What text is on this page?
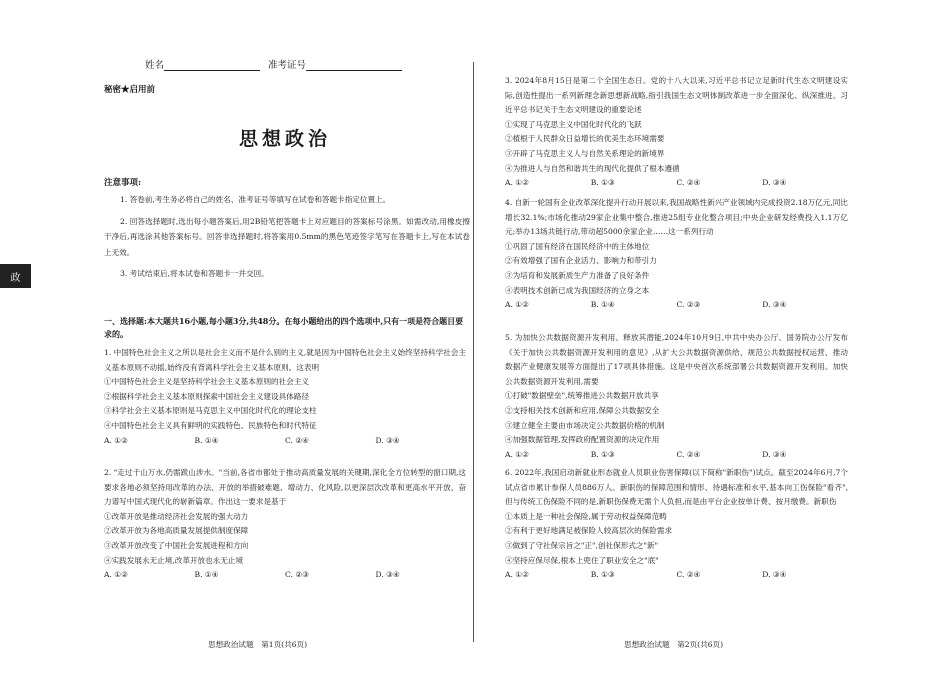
政
姓名	准考证号
秘密★启用前
思想政治
注意事项:

1. 答卷前,考生务必将自己的姓名、准考证号等填写在试卷和答题卡指定位置上。

2. 回答选择题时,选出每小题答案后,用2B铅笔把答题卡上对应题目的答案标号涂黑。如需改动,用橡皮擦干净后,再选涂其他答案标号。回答非选择题时,将答案用0.5mm的黑色笔迹签字笔写在答题卡上,写在本试卷上无效。

3. 考试结束后,将本试卷和答题卡一并交回。

一、选择题:本大题共16小题,每小题3分,共48分。在每小题给出的四个选项中,只有一项是符合题目要求的。

1. 中国特色社会主义之所以是社会主义而不是什么别的主义,就是因为中国特色社会主义始终坚持科学社会主义基本原则不动摇,始终没有背离科学社会主义基本原则。这表明

①中国特色社会主义是坚持科学社会主义基本原则的社会主义

②根据科学社会主义基本原则探索中国社会主义建设具体路径

③科学社会主义基本原则是马克思主义中国化时代化的理论支柱

④中国特色社会主义具有鲜明的实践特色、民族特色和时代特征

A. ①②	B. ①④	C. ②④	D. ③④

2. "走过千山万水,仍需跋山涉水。"当前,各省市都处于推动高质量发展的关键期,深化全方位转型的窗口期,这要求各地必须坚持用改革的办法、开放的举措破难题、增动力、化风险,以更深层次改革和更高水平开放、奋力谱写中国式现代化的崭新篇章。作出这一要求是基于

①改革开放是推动经济社会发展的强大动力

②改革开放为各地高质量发展提供制度保障

③改革开放改变了中国社会发展进程和方向

④实践发展永无止境,改革开放也永无止境

A. ①②	B. ①④	C. ②③	D. ③④

3. 2024年8月15日是第二个全国生态日。党的十八大以来,习近平总书记立足新时代生态文明建设实际,创造性提出一系列新理念新思想新战略,指引我国生态文明体制改革进一步全面深化、纵深推进。习近平总书记关于生态文明建设的重要论述

①实现了马克思主义中国化时代化的飞跃

②植根于人民群众日益增长的优美生态环境需要

③开辟了马克思主义人与自然关系理论的新境界

④为推进人与自然和谐共生的现代化提供了根本遵循

A. ①②	B. ①③	C. ②④	D. ③④

4. 自新一轮国有企业改革深化提升行动开展以来,我国战略性新兴产业领域内完成投资2.18万亿元,同比增长32.1%;市场化推动29家企业集中整合,推进25组专业化整合项目;中央企业研发经费投入1.1万亿元;举办13场共链行动,带动超5000余家企业……这一系列行动

①巩固了国有经济在国民经济中的主体地位

②有效增强了国有企业活力、影响力和带引力

③为培育和发展新质生产力准备了良好条件

④表明技术创新已成为我国经济的立身之本

A. ①②	B. ①④	C. ②③	D. ③④

5. 为加快公共数据资源开发利用、释放其潜能,2024年10月9日,中共中央办公厅、国务院办公厅发布《关于加快公共数据资源开发利用的意见》,从扩大公共数据资源供给、规范公共数据授权运营、推动数据产业健康发展等方面提出了17项具体措施。这是中央首次系统部署公共数据资源开发利用。加快公共数据资源开发利用,需要

①打破"数据壁垒",统筹推进公共数据开放共享

②支持相关技术创新和应用,保障公共数据安全

③建立健全主要由市场决定公共数据价格的机制

④加强数据管理,发挥政府配置资源的决定作用

A. ①②	B. ①③	C. ②④	D. ③④

6. 2022年,我国启动新就业形态就业人员职业伤害保障(以下简称"新职伤")试点。截至2024年6月,7个试点省市累计参保人员886万人。新职伤的保障范围和情形、待遇标准和水平,基本向工伤保险"看齐",但与传统工伤保险不同的是,新职伤保费无需个人负担,而是由平台企业按单计费、按月缴费。新职伤

①本质上是一种社会保险,属于劳动权益保障范畴

②有利于更好地满足被保险人较高层次的保险需求

③做到了守社保宗旨之"正",创社保形式之"新"

④坚持应保尽保,根本上兜住了职业安全之"底"

A. ①②	B. ①③	C. ②④	D. ③④
思想政治试题　第1页(共6页)	思想政治试题　第2页(共6页)
